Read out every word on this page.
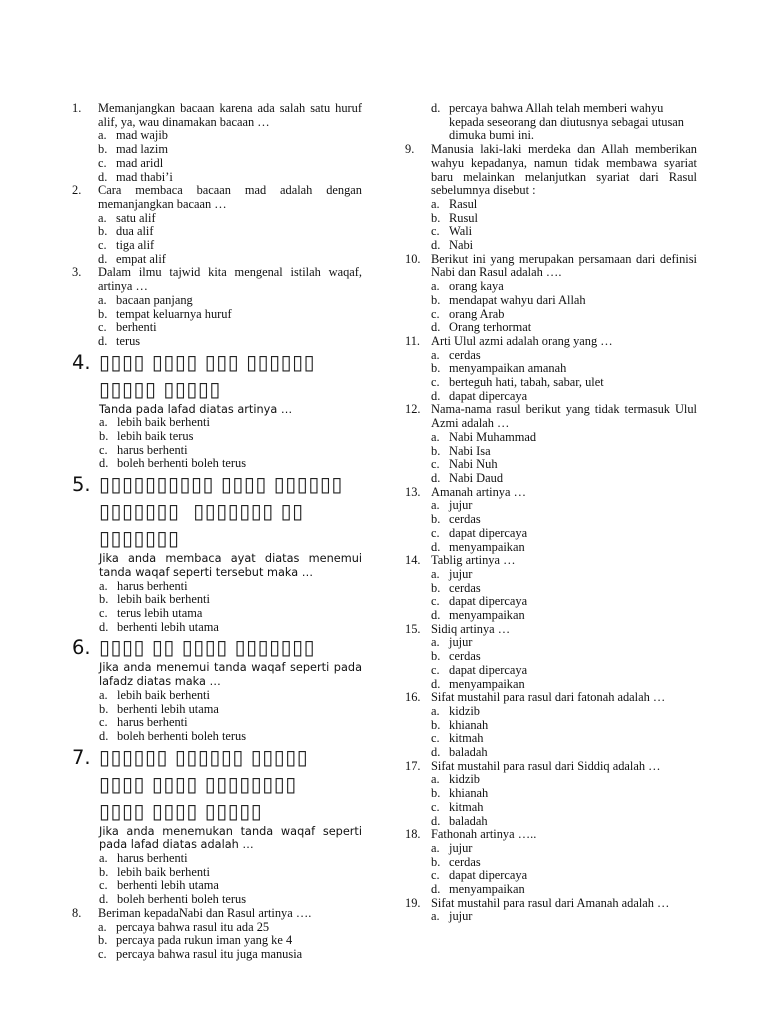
1. Memanjangkan bacaan karena ada salah satu huruf alif, ya, wau dinamakan bacaan …
a. mad wajib
b. mad lazim
c. mad aridl
d. mad thabi’i
2. Cara membaca bacaan mad adalah dengan memanjangkan bacaan …
a. satu alif
b. dua alif
c. tiga alif
d. empat alif
3. Dalam ilmu tajwid kita mengenal istilah waqaf, artinya …
a. bacaan panjang
b. tempat keluarnya huruf
c. berhenti
d. terus
4. ▯▯▯▯ ▯▯▯▯ ▯▯▯ ▯▯▯▯▯▯
▯▯▯▯▯ ▯▯▯▯▯
Tanda pada lafad diatas artinya …
a. lebih baik berhenti
b. lebih baik terus
c. harus berhenti
d. boleh berhenti boleh terus
5. ▯▯▯▯▯▯▯▯▯▯ ▯▯▯▯ ▯▯▯▯▯▯
▯▯▯▯▯▯▯  ▯▯▯▯▯▯▯ ▯▯
▯▯▯▯▯▯▯
Jika anda membaca ayat diatas menemui tanda waqaf seperti tersebut maka …
a. harus berhenti
b. lebih baik berhenti
c. terus lebih utama
d. berhenti lebih utama
6. ▯▯▯▯ ▯▯ ▯▯▯▯ ▯▯▯▯▯▯▯
Jika anda menemui tanda waqaf seperti pada lafadz diatas maka …
a. lebih baik berhenti
b. berhenti lebih utama
c. harus berhenti
d. boleh berhenti boleh terus
7. ▯▯▯▯▯▯ ▯▯▯▯▯▯ ▯▯▯▯▯
▯▯▯▯ ▯▯▯▯ ▯▯▯▯▯▯▯▯
▯▯▯▯ ▯▯▯▯ ▯▯▯▯▯
Jika anda menemukan tanda waqaf seperti pada lafad diatas adalah …
a. harus berhenti
b. lebih baik berhenti
c. berhenti lebih utama
d. boleh berhenti boleh terus
8. Beriman kepadaNabi dan Rasul artinya ….
a. percaya bahwa rasul itu ada 25
b. percaya pada rukun iman yang ke 4
c. percaya bahwa rasul itu juga manusia
d. percaya bahwa Allah telah memberi wahyu kepada seseorang dan diutusnya sebagai utusan dimuka bumi ini.
9. Manusia laki-laki merdeka dan Allah memberikan wahyu kepadanya, namun tidak membawa syariat baru melainkan melanjutkan syariat dari Rasul sebelumnya disebut :
a. Rasul
b. Rusul
c. Wali
d. Nabi
10. Berikut ini yang merupakan persamaan dari definisi Nabi dan Rasul adalah ….
a. orang kaya
b. mendapat wahyu dari Allah
c. orang Arab
d. Orang terhormat
11. Arti Ulul azmi adalah orang yang …
a. cerdas
b. menyampaikan amanah
c. berteguh hati, tabah, sabar, ulet
d. dapat dipercaya
12. Nama-nama rasul berikut yang tidak termasuk Ulul Azmi adalah …
a. Nabi Muhammad
b. Nabi Isa
c. Nabi Nuh
d. Nabi Daud
13. Amanah artinya …
a. jujur
b. cerdas
c. dapat dipercaya
d. menyampaikan
14. Tablig artinya …
a. jujur
b. cerdas
c. dapat dipercaya
d. menyampaikan
15. Sidiq artinya …
a. jujur
b. cerdas
c. dapat dipercaya
d. menyampaikan
16. Sifat mustahil para rasul dari fatonah adalah …
a. kidzib
b. khianah
c. kitmah
d. baladah
17. Sifat mustahil para rasul dari Siddiq adalah …
a. kidzib
b. khianah
c. kitmah
d. baladah
18. Fathonah artinya …..
a. jujur
b. cerdas
c. dapat dipercaya
d. menyampaikan
19. Sifat mustahil para rasul dari Amanah adalah …
a. jujur
